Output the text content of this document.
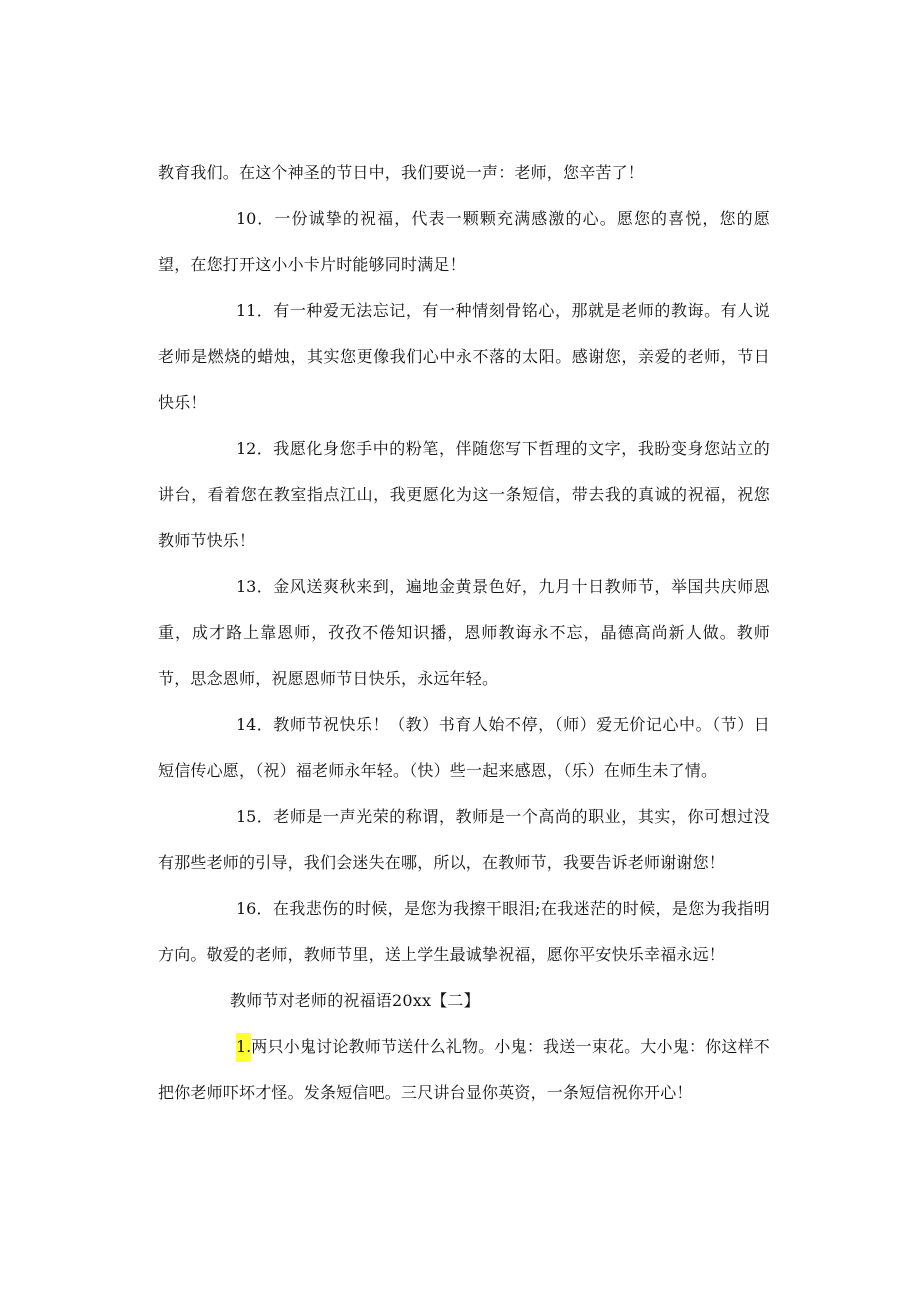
教育我们。在这个神圣的节日中，我们要说一声：老师，您辛苦了！

10．一份诚挚的祝福，代表一颗颗充满感激的心。愿您的喜悦，您的愿望，在您打开这小小卡片时能够同时满足！

11．有一种爱无法忘记，有一种情刻骨铭心，那就是老师的教诲。有人说老师是燃烧的蜡烛，其实您更像我们心中永不落的太阳。感谢您，亲爱的老师，节日快乐！

12．我愿化身您手中的粉笔，伴随您写下哲理的文字，我盼变身您站立的讲台，看着您在教室指点江山，我更愿化为这一条短信，带去我的真诚的祝福，祝您教师节快乐！

13．金风送爽秋来到，遍地金黄景色好，九月十日教师节，举国共庆师恩重，成才路上靠恩师，孜孜不倦知识播，恩师教诲永不忘，晶德高尚新人做。教师节，思念恩师，祝愿恩师节日快乐，永远年轻。

14．教师节祝快乐！（教）书育人始不停，（师）爱无价记心中。（节）日短信传心愿，（祝）福老师永年轻。（快）些一起来感恩，（乐）在师生未了情。

15．老师是一声光荣的称谓，教师是一个高尚的职业，其实，你可想过没有那些老师的引导，我们会迷失在哪，所以，在教师节，我要告诉老师谢谢您！

16．在我悲伤的时候，是您为我擦干眼泪;在我迷茫的时候，是您为我指明方向。敬爱的老师，教师节里，送上学生最诚挚祝福，愿你平安快乐幸福永远！

教师节对老师的祝福语20xx【二】

1.两只小鬼讨论教师节送什么礼物。小鬼：我送一束花。大小鬼：你这样不把你老师吓坏才怪。发条短信吧。三尺讲台显你英资，一条短信祝你开心！
